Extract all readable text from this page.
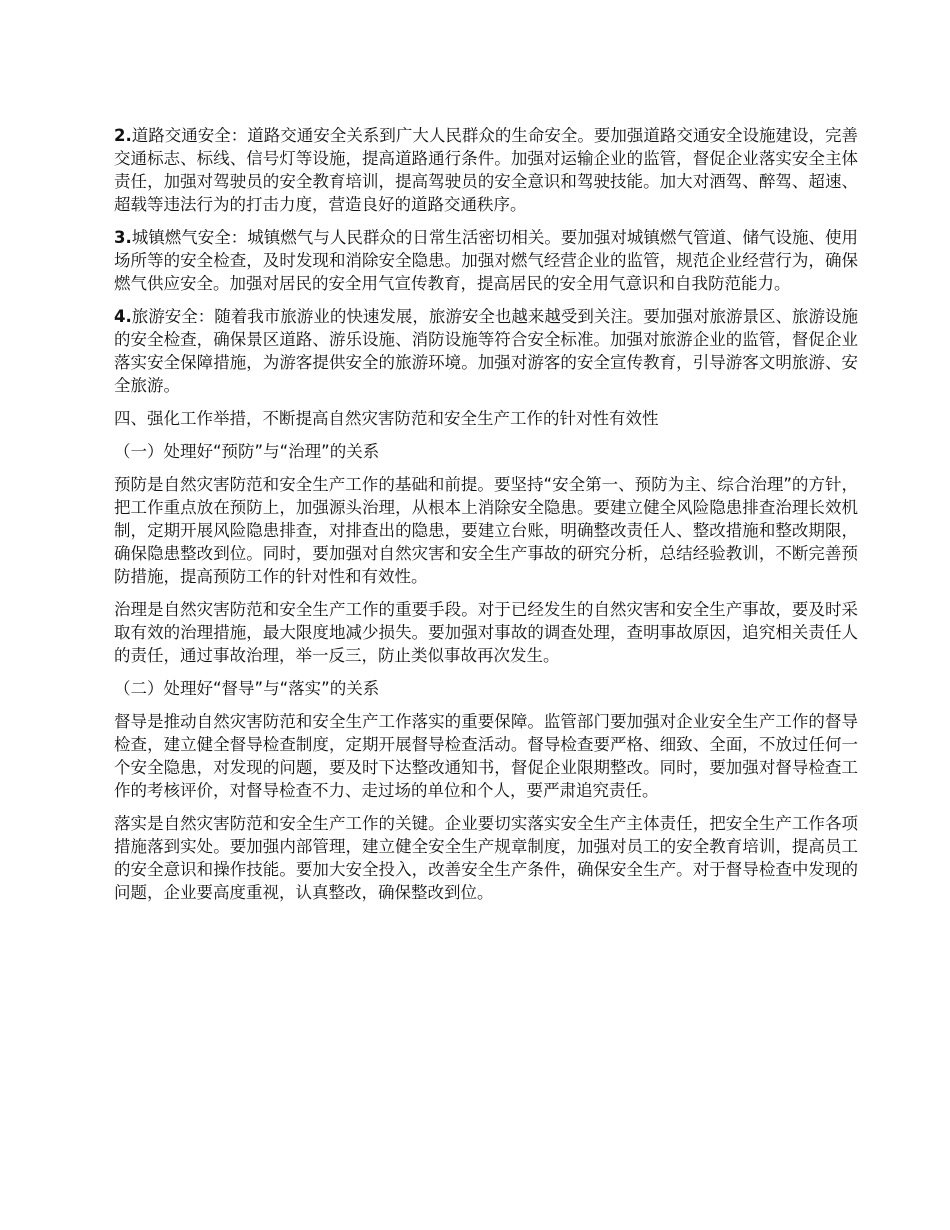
2.道路交通安全：道路交通安全关系到广大人民群众的生命安全。要加强道路交通安全设施建设，完善交通标志、标线、信号灯等设施，提高道路通行条件。加强对运输企业的监管，督促企业落实安全主体责任，加强对驾驶员的安全教育培训，提高驾驶员的安全意识和驾驶技能。加大对酒驾、醉驾、超速、超载等违法行为的打击力度，营造良好的道路交通秩序。

3.城镇燃气安全：城镇燃气与人民群众的日常生活密切相关。要加强对城镇燃气管道、储气设施、使用场所等的安全检查，及时发现和消除安全隐患。加强对燃气经营企业的监管，规范企业经营行为，确保燃气供应安全。加强对居民的安全用气宣传教育，提高居民的安全用气意识和自我防范能力。

4.旅游安全：随着我市旅游业的快速发展，旅游安全也越来越受到关注。要加强对旅游景区、旅游设施的安全检查，确保景区道路、游乐设施、消防设施等符合安全标准。加强对旅游企业的监管，督促企业落实安全保障措施，为游客提供安全的旅游环境。加强对游客的安全宣传教育，引导游客文明旅游、安全旅游。

四、强化工作举措，不断提高自然灾害防范和安全生产工作的针对性有效性

（一）处理好“预防”与“治理”的关系

预防是自然灾害防范和安全生产工作的基础和前提。要坚持“安全第一、预防为主、综合治理”的方针，把工作重点放在预防上，加强源头治理，从根本上消除安全隐患。要建立健全风险隐患排查治理长效机制，定期开展风险隐患排查，对排查出的隐患，要建立台账，明确整改责任人、整改措施和整改期限，确保隐患整改到位。同时，要加强对自然灾害和安全生产事故的研究分析，总结经验教训，不断完善预防措施，提高预防工作的针对性和有效性。

治理是自然灾害防范和安全生产工作的重要手段。对于已经发生的自然灾害和安全生产事故，要及时采取有效的治理措施，最大限度地减少损失。要加强对事故的调查处理，查明事故原因，追究相关责任人的责任，通过事故治理，举一反三，防止类似事故再次发生。

（二）处理好“督导”与“落实”的关系

督导是推动自然灾害防范和安全生产工作落实的重要保障。监管部门要加强对企业安全生产工作的督导检查，建立健全督导检查制度，定期开展督导检查活动。督导检查要严格、细致、全面，不放过任何一个安全隐患，对发现的问题，要及时下达整改通知书，督促企业限期整改。同时，要加强对督导检查工作的考核评价，对督导检查不力、走过场的单位和个人，要严肃追究责任。

落实是自然灾害防范和安全生产工作的关键。企业要切实落实安全生产主体责任，把安全生产工作各项措施落到实处。要加强内部管理，建立健全安全生产规章制度，加强对员工的安全教育培训，提高员工的安全意识和操作技能。要加大安全投入，改善安全生产条件，确保安全生产。对于督导检查中发现的问题，企业要高度重视，认真整改，确保整改到位。
